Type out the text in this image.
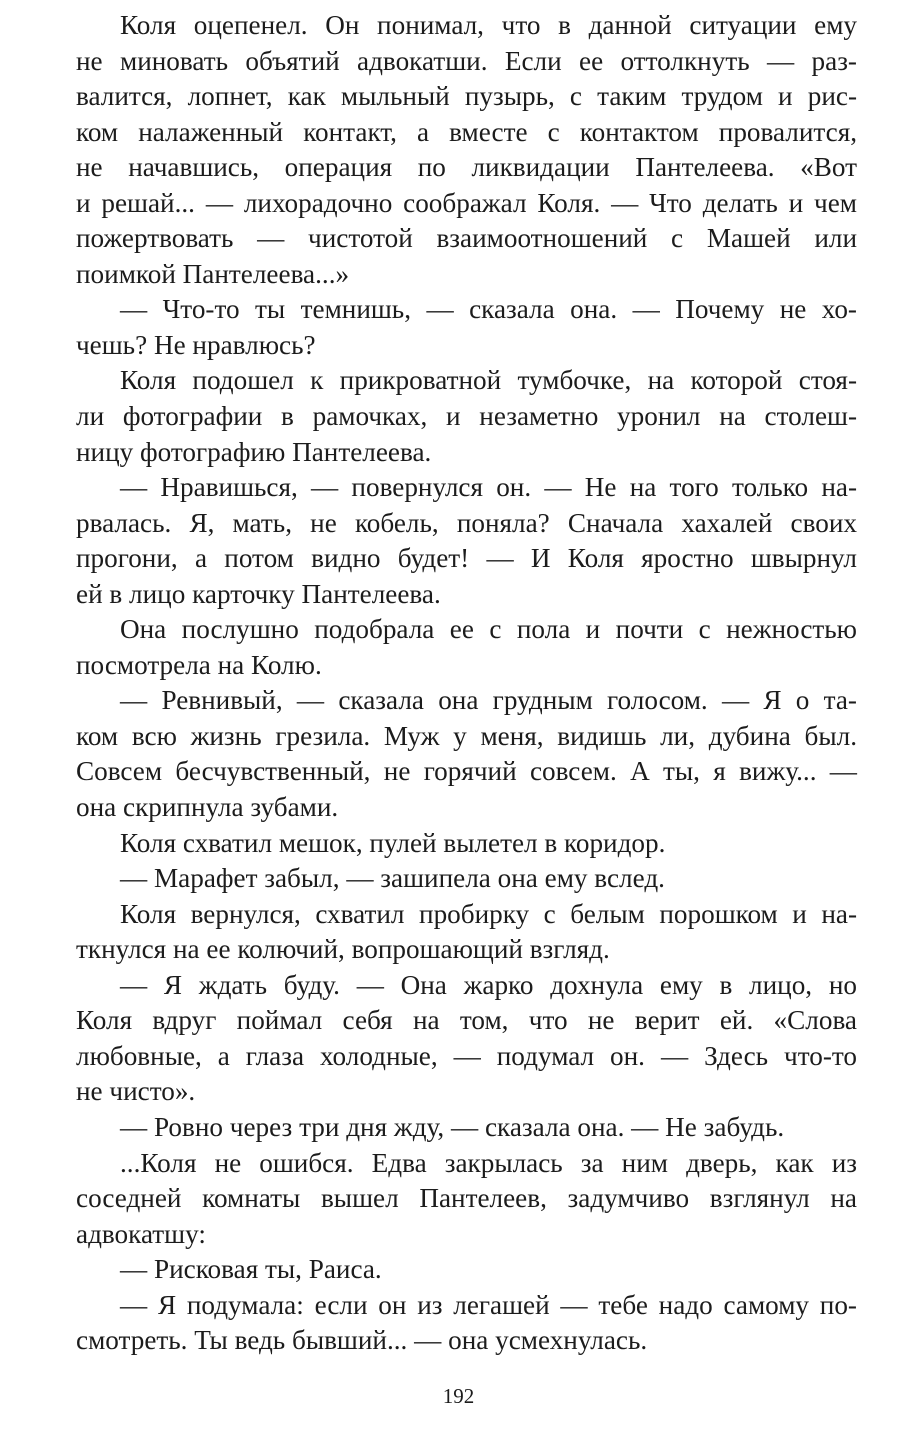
Коля оцепенел. Он понимал, что в данной ситуации ему
не миновать объятий адвокатши. Если ее оттолкнуть — раз-
валится, лопнет, как мыльный пузырь, с таким трудом и рис-
ком налаженный контакт, а вместе с контактом провалится,
не начавшись, операция по ликвидации Пантелеева. «Вот
и решай... — лихорадочно соображал Коля. — Что делать и чем
пожертвовать — чистотой взаимоотношений с Машей или
поимкой Пантелеева...»

— Что-то ты темнишь, — сказала она. — Почему не хо-
чешь? Не нравлюсь?

Коля подошел к прикроватной тумбочке, на которой стоя-
ли фотографии в рамочках, и незаметно уронил на столеш-
ницу фотографию Пантелеева.

— Нравишься, — повернулся он. — Не на того только на-
рвалась. Я, мать, не кобель, поняла? Сначала хахалей своих
прогони, а потом видно будет! — И Коля яростно швырнул
ей в лицо карточку Пантелеева.

Она послушно подобрала ее с пола и почти с нежностью
посмотрела на Колю.

— Ревнивый, — сказала она грудным голосом. — Я о та-
ком всю жизнь грезила. Муж у меня, видишь ли, дубина был.
Совсем бесчувственный, не горячий совсем. А ты, я вижу... —
она скрипнула зубами.

Коля схватил мешок, пулей вылетел в коридор.

— Марафет забыл, — зашипела она ему вслед.

Коля вернулся, схватил пробирку с белым порошком и на-
ткнулся на ее колючий, вопрошающий взгляд.

— Я ждать буду. — Она жарко дохнула ему в лицо, но
Коля вдруг поймал себя на том, что не верит ей. «Слова
любовные, а глаза холодные, — подумал он. — Здесь что-то
не чисто».

— Ровно через три дня жду, — сказала она. — Не забудь.

...Коля не ошибся. Едва закрылась за ним дверь, как из
соседней комнаты вышел Пантелеев, задумчиво взглянул на
адвокатшу:

— Рисковая ты, Раиса.

— Я подумала: если он из легашей — тебе надо самому по-
смотреть. Ты ведь бывший... — она усмехнулась.

192
